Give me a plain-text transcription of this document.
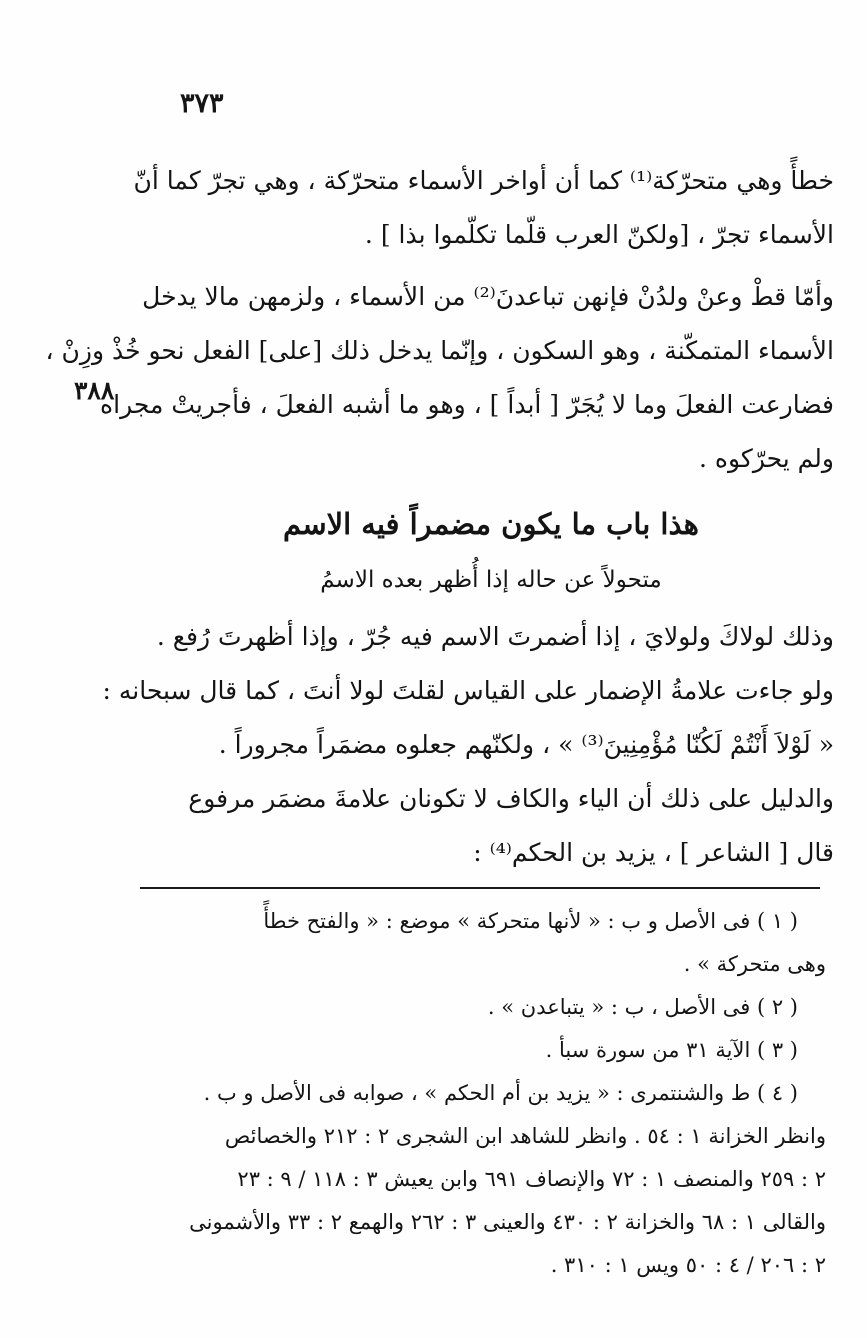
٣٧٣
٣٨٨
خطأً وهي متحرّكة⁽¹⁾ كما أن أواخر الأسماء متحرّكة ، وهي تجرّ كما أنّ
الأسماء تجرّ ، [ولكنّ العرب قلّما تكلّموا بذا ] .
وأمّا قطْ وعنْ ولدُنْ فإنهن تباعدنَ⁽²⁾ من الأسماء ، ولزمهن مالا يدخل
الأسماء المتمكّنة ، وهو السكون ، وإنّما يدخل ذلك [على] الفعل نحو خُذْ وزِنْ ،
فضارعت الفعلَ وما لا يُجَرّ [ أبداً ] ، وهو ما أشبه الفعلَ ، فأجريتْ مجراه
ولم يحرّكوه .
هذا باب ما يكون مضمراً فيه الاسم
متحولاً عن حاله إذا أُظهر بعده الاسمُ
وذلك لولاكَ ولولايَ ، إذا أضمرتَ الاسم فيه جُرّ ، وإذا أظهرتَ رُفع .
ولو جاءت علامةُ الإضمار على القياس لقلتَ لولا أنتَ ، كما قال سبحانه :
« لَوْلاَ أَنْتُمْ لَكُنّا مُؤْمِنِينَ⁽³⁾ » ، ولكنّهم جعلوه مضمَراً مجروراً .
والدليل على ذلك أن الياء والكاف لا تكونان علامةَ مضمَر مرفوع
قال [ الشاعر ] ، يزيد بن الحكم⁽⁴⁾ :
( ١ ) فى الأصل و ب : « لأنها متحركة » موضع : « والفتح خطأً
وهى متحركة » .
( ٢ ) فى الأصل ، ب : « يتباعدن » .
( ٣ ) الآية ٣١ من سورة سبأ .
( ٤ ) ط والشنتمرى : « يزيد بن أم الحكم » ، صوابه فى الأصل و ب .
وانظر الخزانة ١ : ٥٤ . وانظر للشاهد ابن الشجرى ٢ : ٢١٢ والخصائص
٢ : ٢٥٩ والمنصف ١ : ٧٢ والإنصاف ٦٩١ وابن يعيش ٣ : ١١٨ / ٩ : ٢٣
والقالى ١ : ٦٨ والخزانة ٢ : ٤٣٠ والعينى ٣ : ٢٦٢ والهمع ٢ : ٣٣ والأشمونى
٢ : ٢٠٦ / ٤ : ٥٠ ويس ١ : ٣١٠ .
